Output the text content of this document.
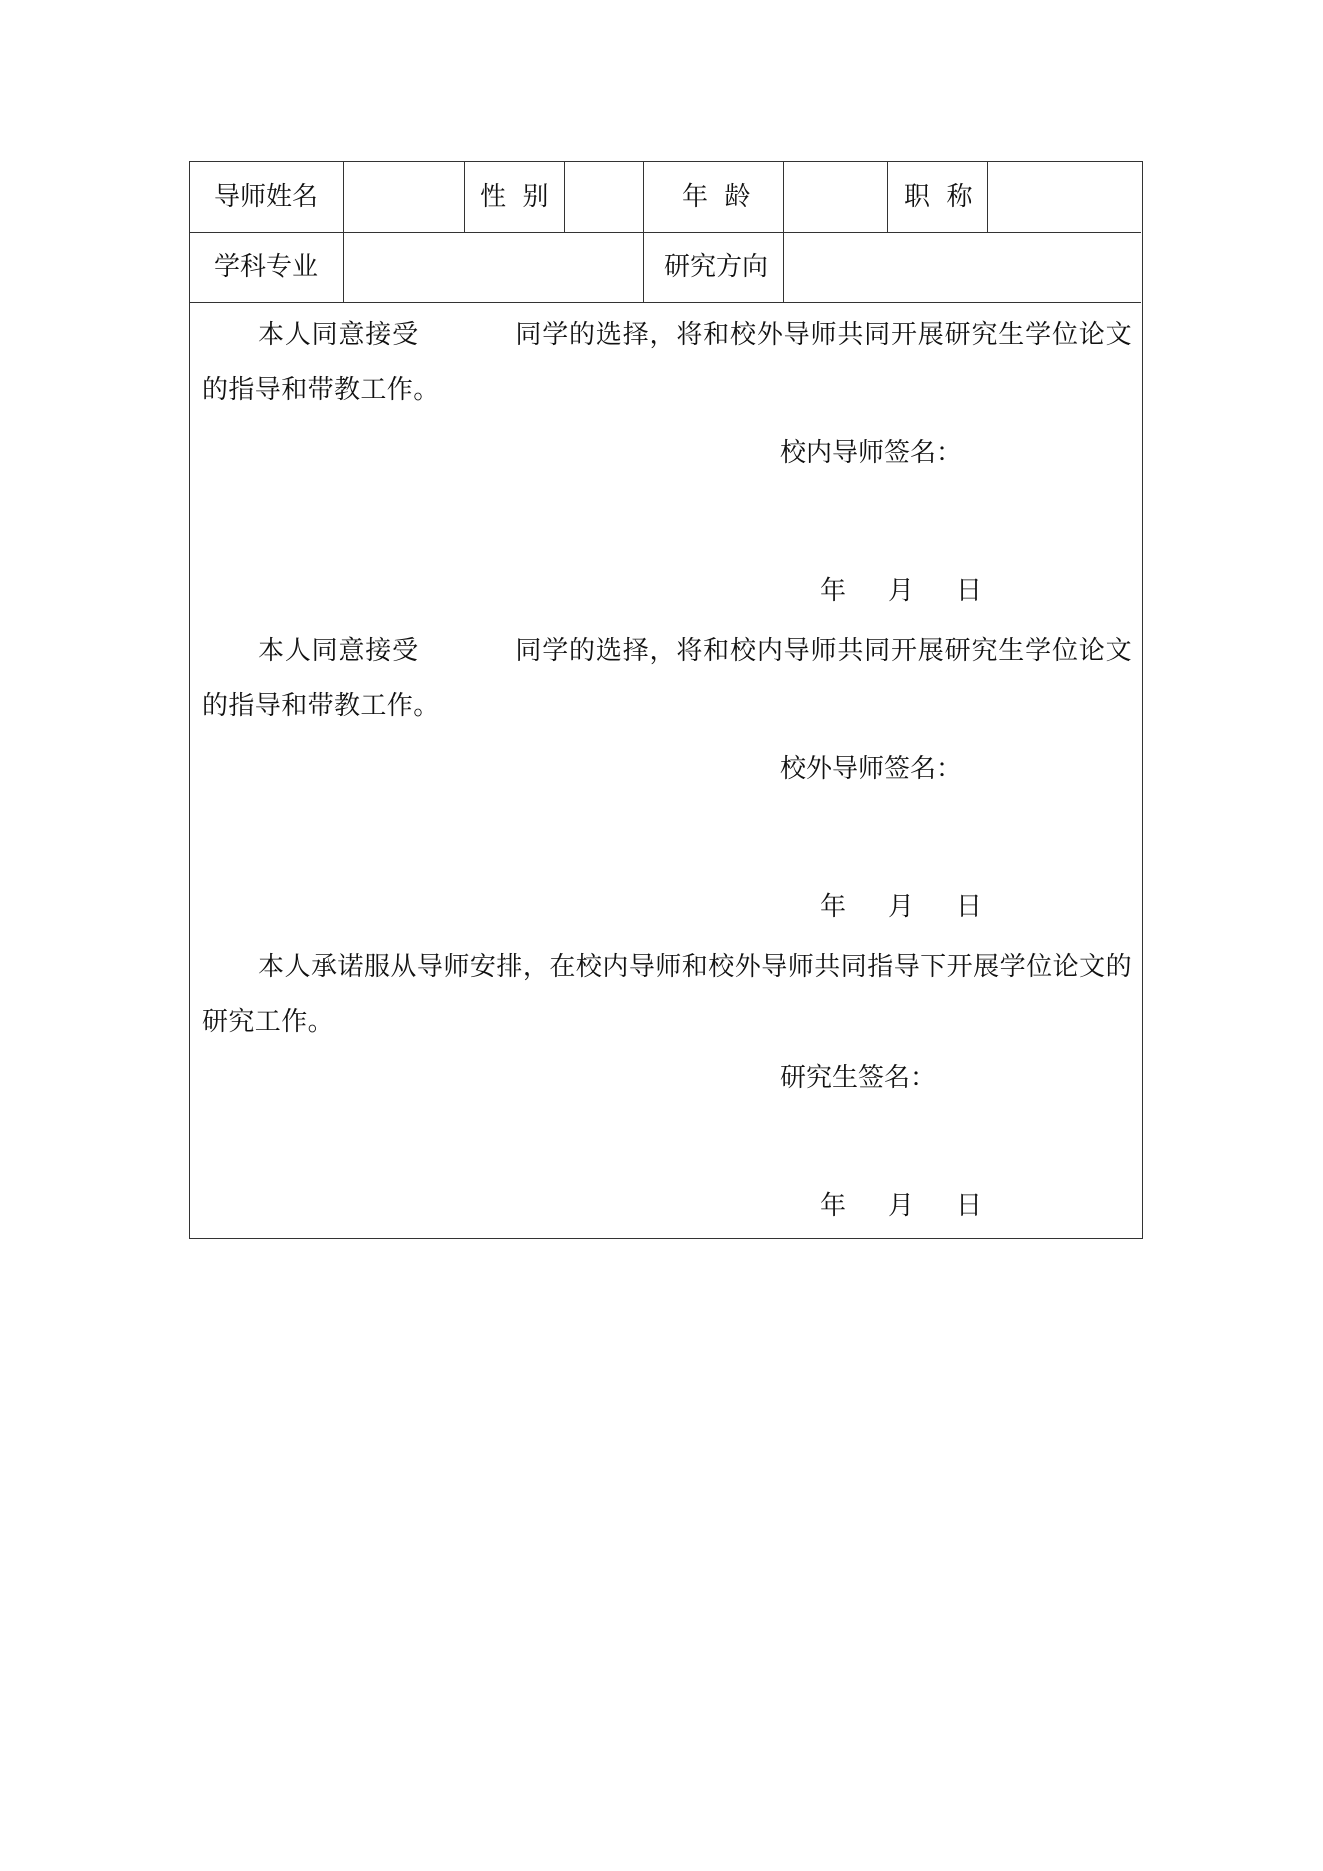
导师姓名	性  别	年  龄	职  称
学科专业	研究方向
本人同意接受	同学的选择，将和校外导师共同开展研究生学位论文的指导和带教工作。
校内导师签名：
年 月 日
本人同意接受	同学的选择，将和校内导师共同开展研究生学位论文的指导和带教工作。
校外导师签名：
年 月 日
本人承诺服从导师安排，在校内导师和校外导师共同指导下开展学位论文的研究工作。
研究生签名：
年 月 日
